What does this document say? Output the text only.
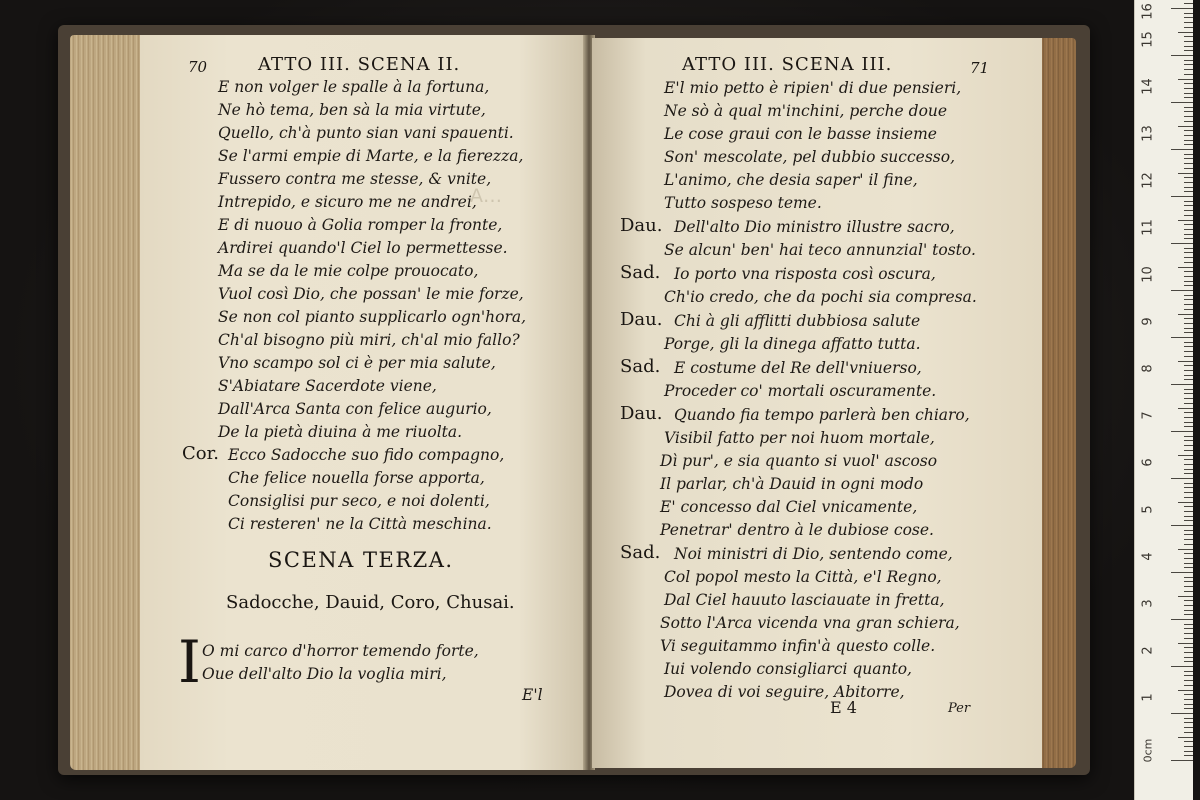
A…
70	ATTO III. SCENA II.
E non volger le spalle à la fortuna,
Ne hò tema, ben sà la mia virtute,
Quello, ch'à punto sian vani spauenti.
Se l'armi empie di Marte, e la fierezza,
Fussero contra me stesse, & vnite,
Intrepido, e sicuro me ne andrei,
E di nuouo à Golia romper la fronte,
Ardirei quando'l Ciel lo permettesse.
Ma se da le mie colpe prouocato,
Vuol così Dio, che possan' le mie forze,
Se non col pianto supplicarlo ogn'hora,
Ch'al bisogno più miri, ch'al mio fallo?
Vno scampo sol ci è per mia salute,
S'Abiatare Sacerdote viene,
Dall'Arca Santa con felice augurio,
De la pietà diuina à me riuolta.
Cor. Ecco Sadocche suo fido compagno,
Che felice nouella forse apporta,
Consiglisi pur seco, e noi dolenti,
Ci resteren' ne la Città meschina.
SCENA TERZA.
Sadocche, Dauid, Coro, Chusai.
I O mi carco d'horror temendo forte,
Oue dell'alto Dio la voglia miri,
E'l
ATTO III. SCENA III.	71
E'l mio petto è ripien' di due pensieri,
Ne sò à qual m'inchini, perche doue
Le cose graui con le basse insieme
Son' mescolate, pel dubbio successo,
L'animo, che desia saper' il fine,
Tutto sospeso teme.
Dau. Dell'alto Dio ministro illustre sacro,
Se alcun' ben' hai teco annunzial' tosto.
Sad. Io porto vna risposta così oscura,
Ch'io credo, che da pochi sia compresa.
Dau. Chi à gli afflitti dubbiosa salute
Porge, gli la dinega affatto tutta.
Sad. E costume del Re dell'vniuerso,
Proceder co' mortali oscuramente.
Dau. Quando fia tempo parlerà ben chiaro,
Visibil fatto per noi huom mortale,
Dì pur', e sia quanto si vuol' ascoso
Il parlar, ch'à Dauid in ogni modo
E' concesso dal Ciel vnicamente,
Penetrar' dentro à le dubiose cose.
Sad. Noi ministri di Dio, sentendo come,
Col popol mesto la Città, e'l Regno,
Dal Ciel hauuto lasciauate in fretta,
Sotto l'Arca vicenda vna gran schiera,
Vi seguitammo infin'à questo colle.
Iui volendo consigliarci quanto,
Dovea di voi seguire, Abitorre,
E 4	Per
0cm
1
2
3
4
5
6
7
8
9
10
11
12
13
14
15
16
